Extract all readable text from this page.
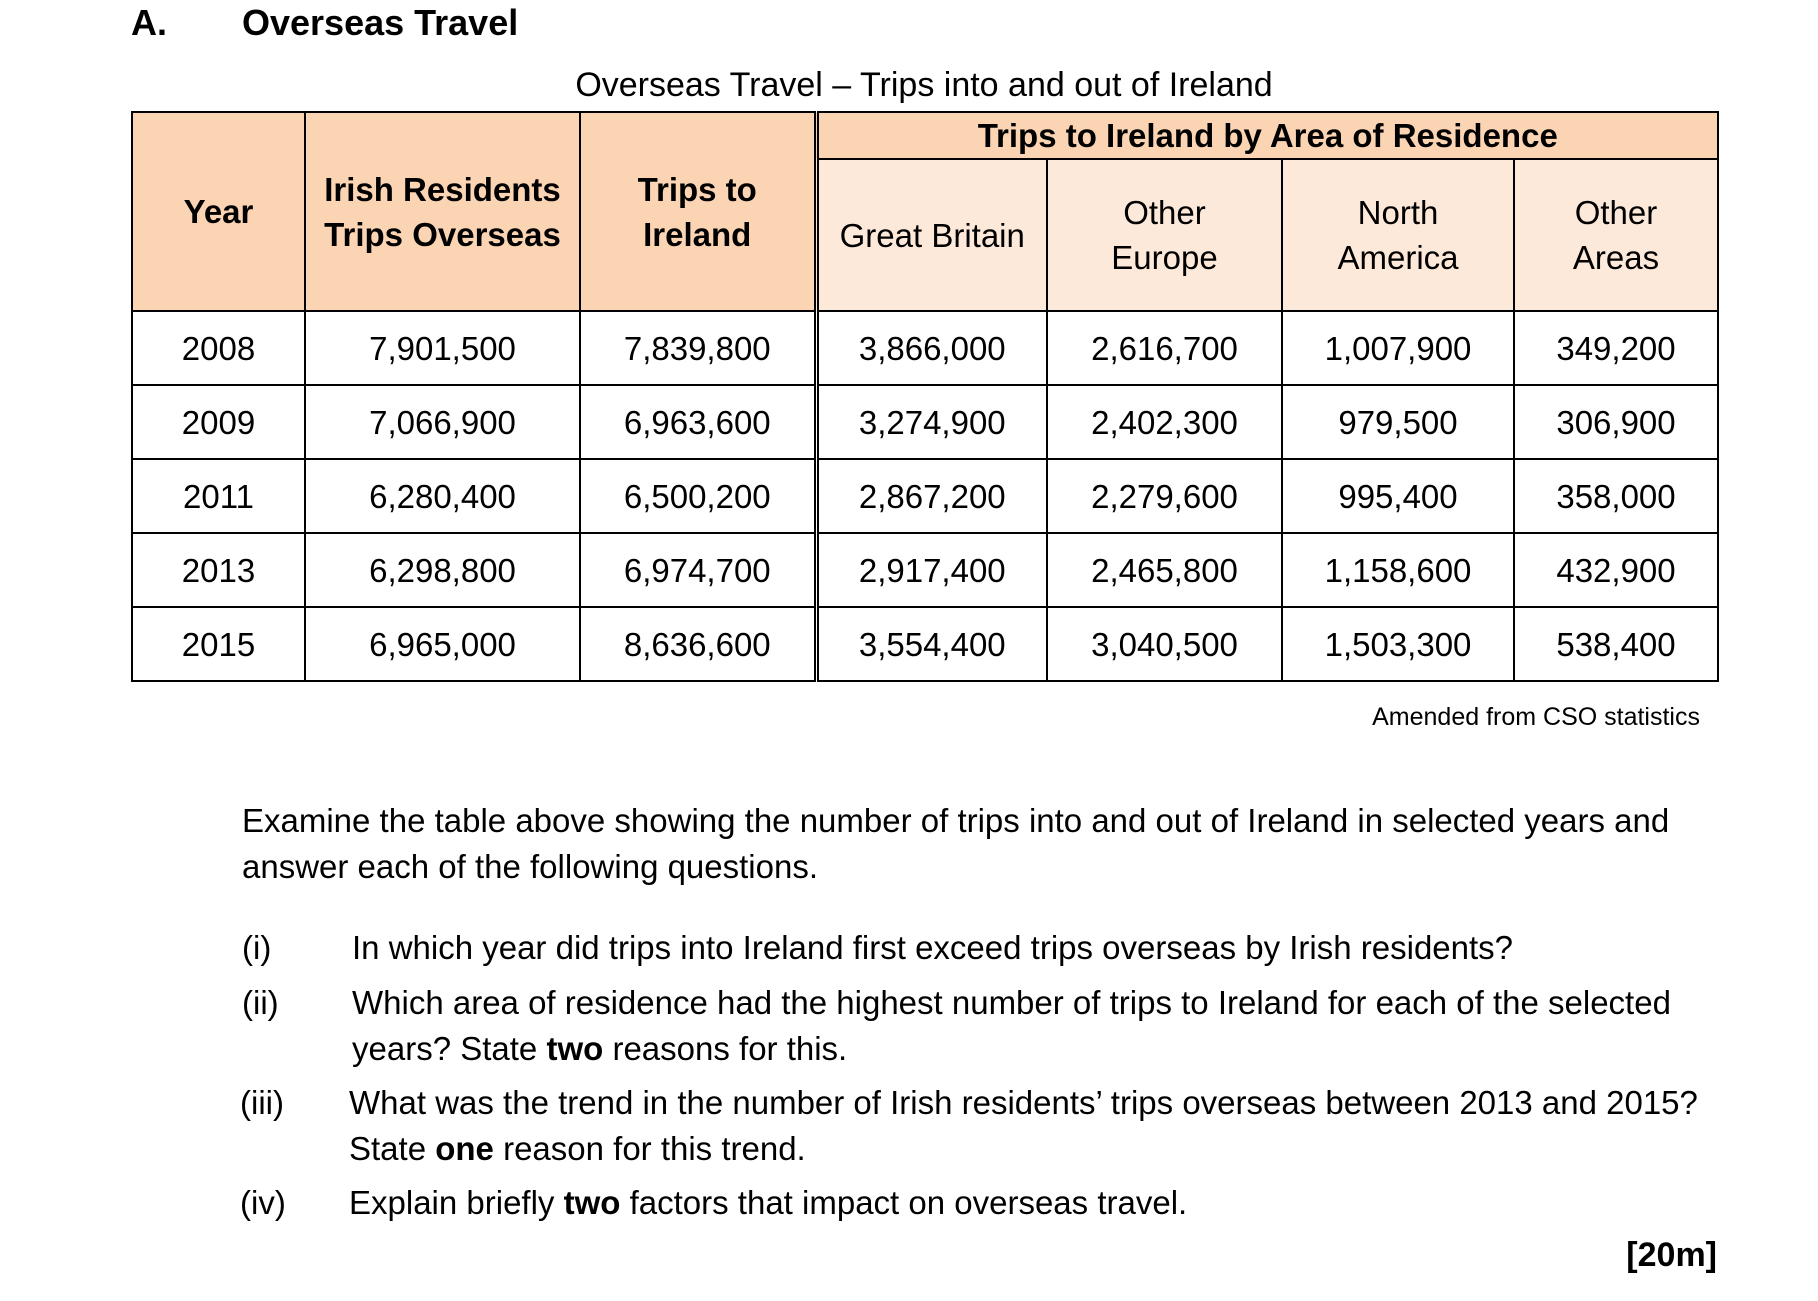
A. Overseas Travel
Overseas Travel – Trips into and out of Ireland
Year	Irish Residents Trips Overseas	Trips to Ireland	Trips to Ireland by Area of Residence			
			Great Britain	Other Europe	North America	Other Areas
2008	7,901,500	7,839,800	3,866,000	2,616,700	1,007,900	349,200
2009	7,066,900	6,963,600	3,274,900	2,402,300	979,500	306,900
2011	6,280,400	6,500,200	2,867,200	2,279,600	995,400	358,000
2013	6,298,800	6,974,700	2,917,400	2,465,800	1,158,600	432,900
2015	6,965,000	8,636,600	3,554,400	3,040,500	1,503,300	538,400
Amended from CSO statistics
Examine the table above showing the number of trips into and out of Ireland in selected years and answer each of the following questions.
(i) In which year did trips into Ireland first exceed trips overseas by Irish residents?
(ii) Which area of residence had the highest number of trips to Ireland for each of the selected years? State two reasons for this.
(iii) What was the trend in the number of Irish residents’ trips overseas between 2013 and 2015? State one reason for this trend.
(iv) Explain briefly two factors that impact on overseas travel.
[20m]
